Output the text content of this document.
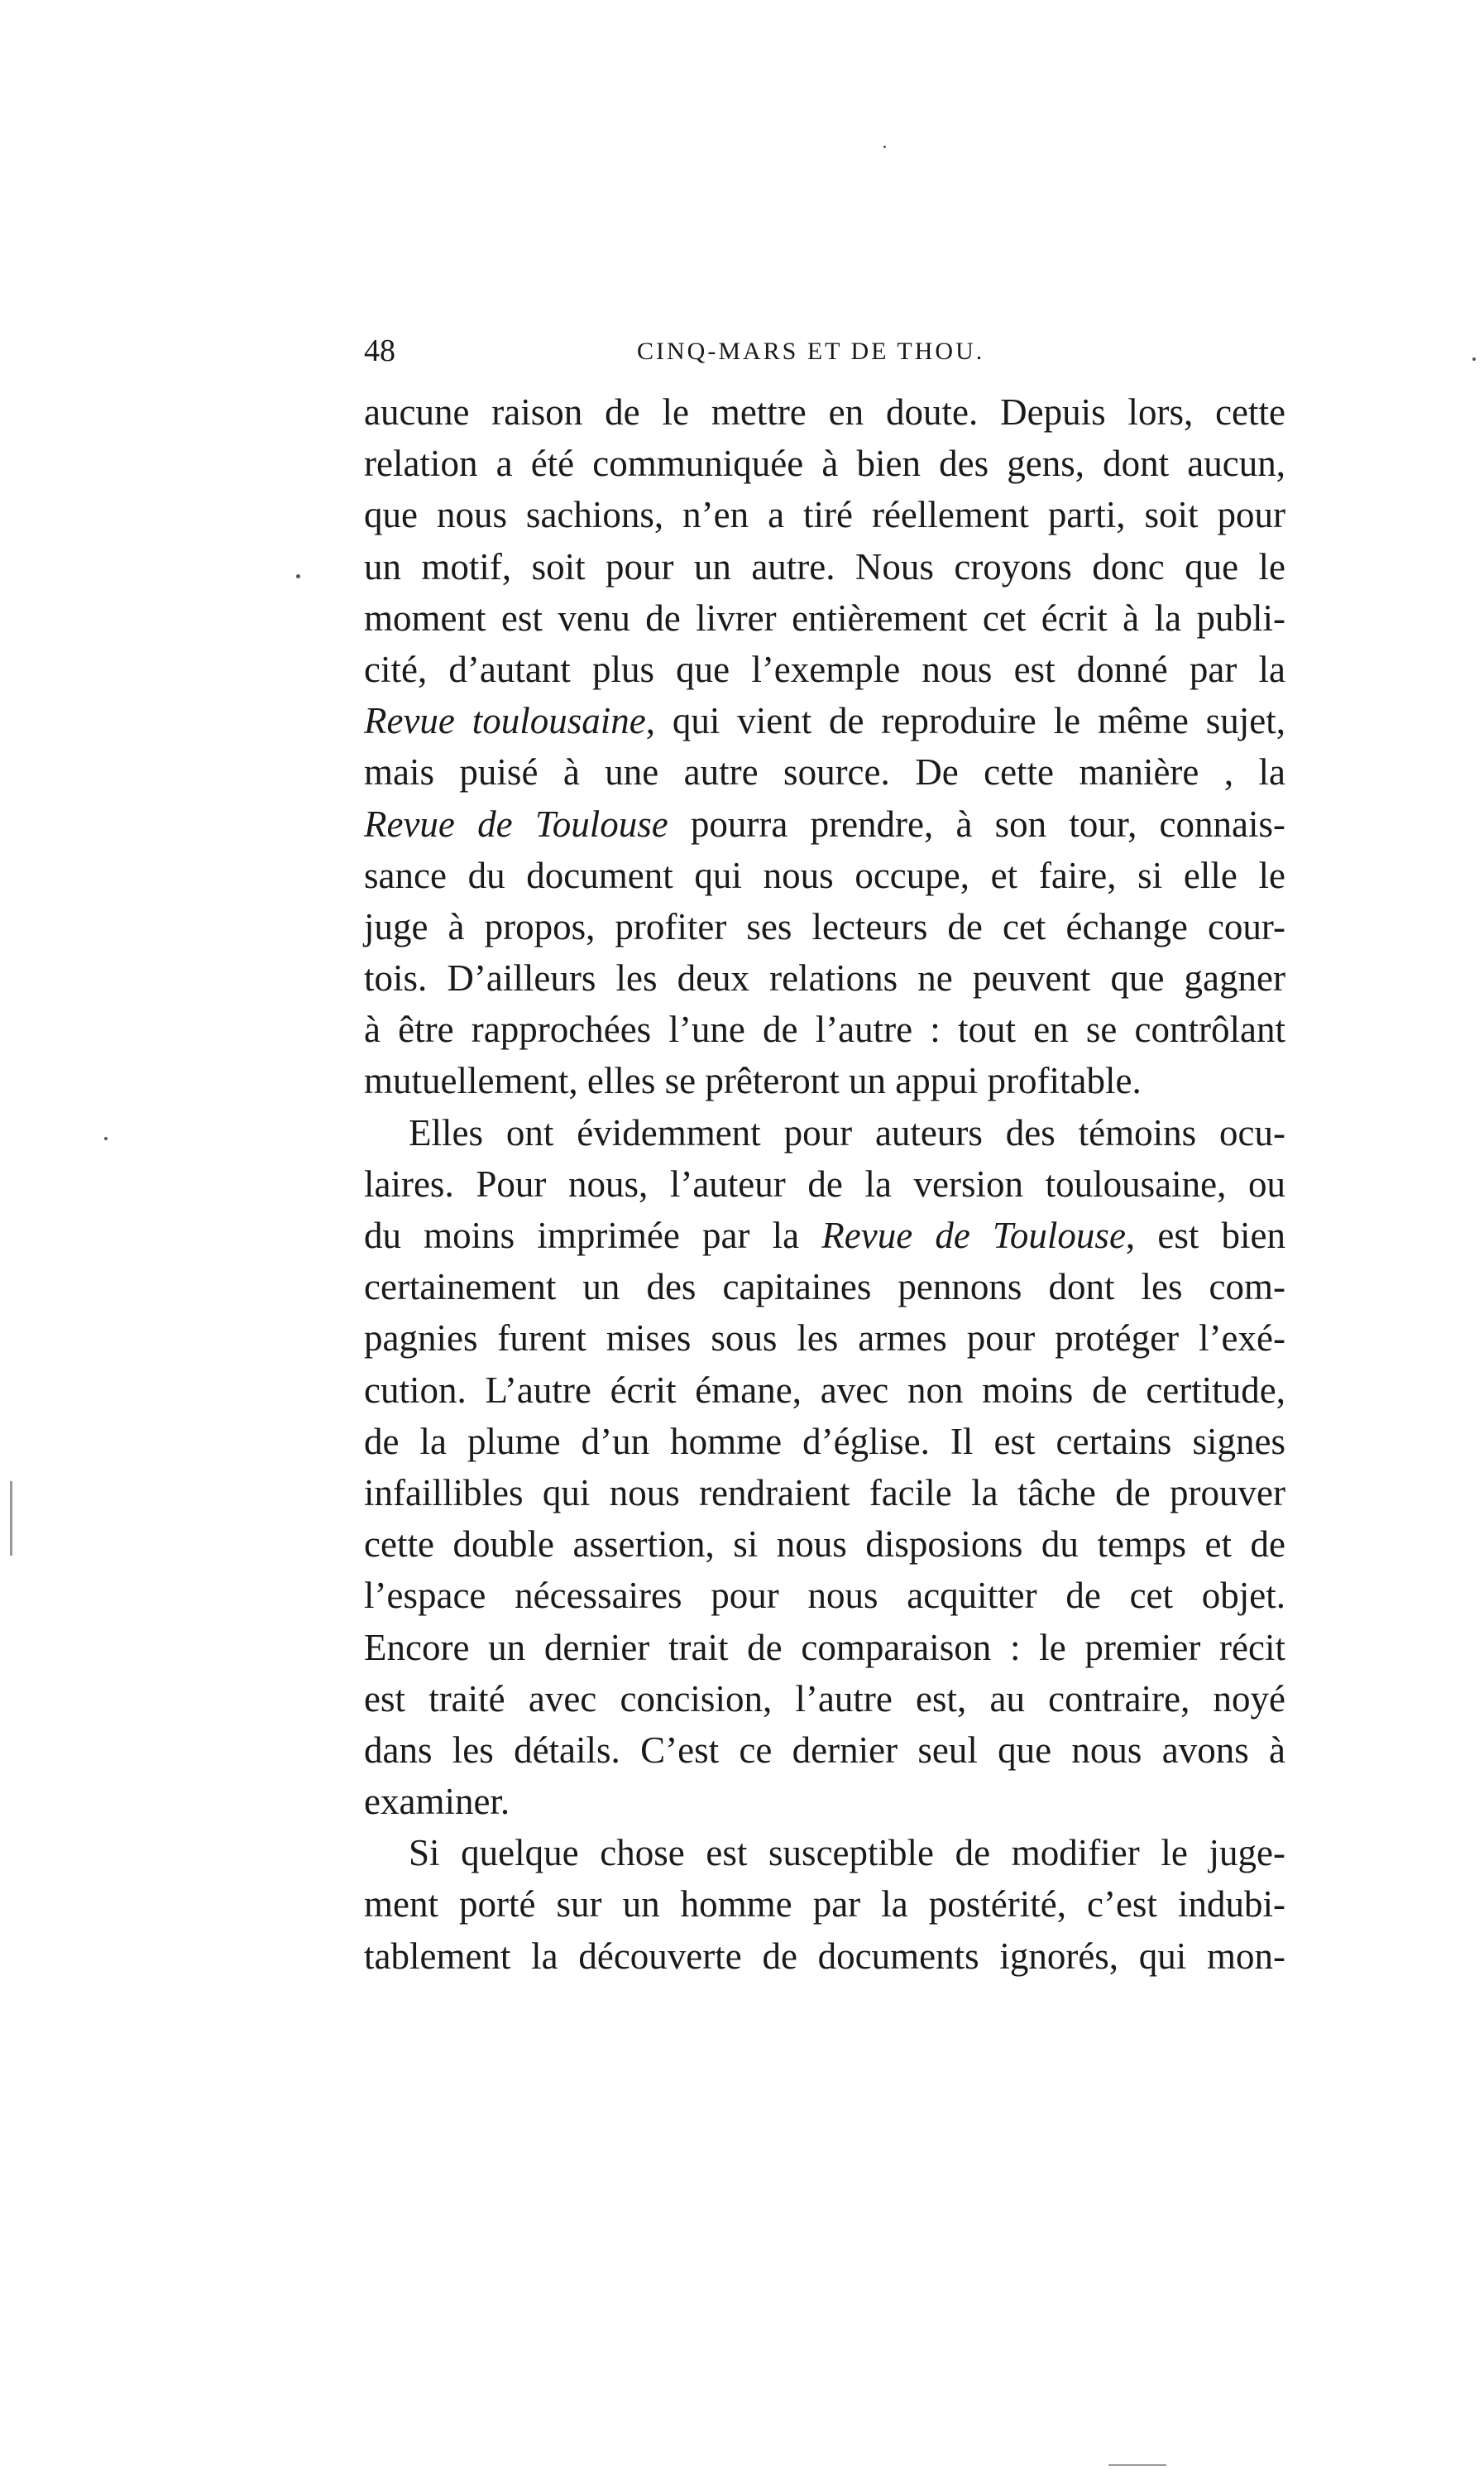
48	CINQ-MARS ET DE THOU.
aucune raison de le mettre en doute. Depuis lors, cette
relation a été communiquée à bien des gens, dont aucun,
que nous sachions, n’en a tiré réellement parti, soit pour
un motif, soit pour un autre. Nous croyons donc que le
moment est venu de livrer entièrement cet écrit à la publi-
cité, d’autant plus que l’exemple nous est donné par la
Revue toulousaine, qui vient de reproduire le même sujet,
mais puisé à une autre source. De cette manière , la
Revue de Toulouse pourra prendre, à son tour, connais-
sance du document qui nous occupe, et faire, si elle le
juge à propos, profiter ses lecteurs de cet échange cour-
tois. D’ailleurs les deux relations ne peuvent que gagner
à être rapprochées l’une de l’autre : tout en se contrôlant
mutuellement, elles se prêteront un appui profitable.
Elles ont évidemment pour auteurs des témoins ocu-
laires. Pour nous, l’auteur de la version toulousaine, ou
du moins imprimée par la Revue de Toulouse, est bien
certainement un des capitaines pennons dont les com-
pagnies furent mises sous les armes pour protéger l’exé-
cution. L’autre écrit émane, avec non moins de certitude,
de la plume d’un homme d’église. Il est certains signes
infaillibles qui nous rendraient facile la tâche de prouver
cette double assertion, si nous disposions du temps et de
l’espace nécessaires pour nous acquitter de cet objet.
Encore un dernier trait de comparaison : le premier récit
est traité avec concision, l’autre est, au contraire, noyé
dans les détails. C’est ce dernier seul que nous avons à
examiner.
Si quelque chose est susceptible de modifier le juge-
ment porté sur un homme par la postérité, c’est indubi-
tablement la découverte de documents ignorés, qui mon-
